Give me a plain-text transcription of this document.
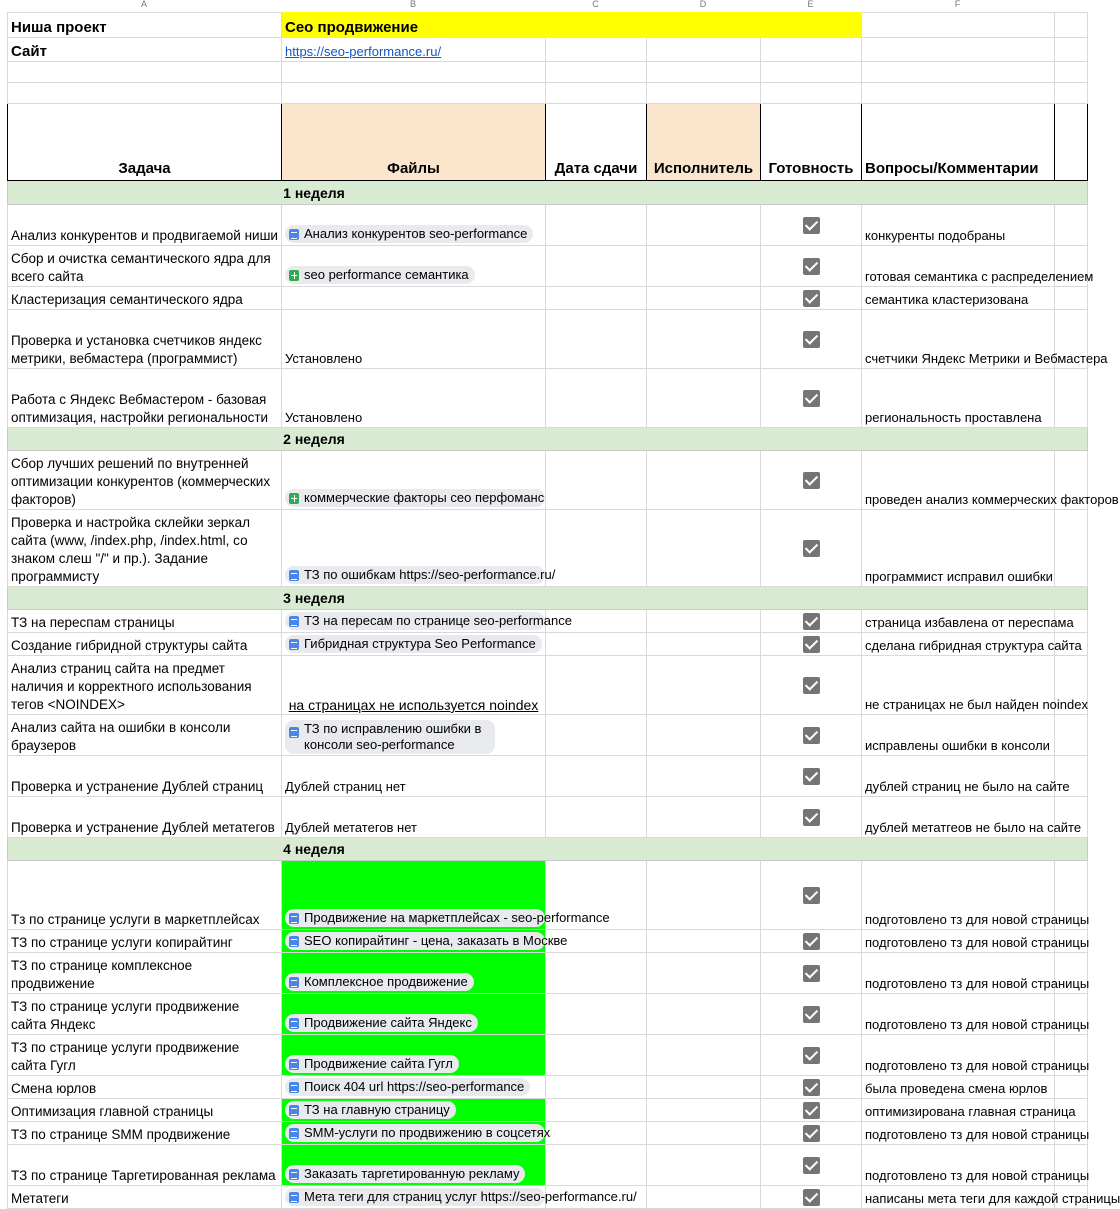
A	B	C	D	E	F
Ниша проект	Сео продвижение					
Сайт	https://seo-performance.ru/					

Задача	Файлы	Дата сдачи	Исполнитель	Готовность	Вопросы/Комментарии	
1 неделя						
Анализ конкурентов и продвигаемой ниши	Анализ конкурентов seo-performance				конкуренты подобраны	
Сбор и очистка семантического ядра для всего сайта	seo performance семантика				готовая семантика с распределением	
Кластеризация семантического ядра					семантика кластеризована	
Проверка и установка счетчиков яндекс метрики, вебмастера (программист)	Установлено				счетчики Яндекс Метрики и Вебмастера	
Работа с Яндекс Вебмастером - базовая оптимизация, настройки региональности	Установлено				региональность проставлена	
2 неделя						
Сбор лучших решений по внутренней оптимизации конкурентов (коммерческих факторов)	коммерческие факторы сео перфоманс				проведен анализ коммерческих факторов	
Проверка и настройка склейки зеркал сайта (www, /index.php, /index.html, со знаком слеш "/" и пр.). Задание программисту	ТЗ по ошибкам https://seo-performance.ru/				программист исправил ошибки	
3 неделя						
ТЗ на переспам страницы	ТЗ на пересам по странице seo-performance				страница избавлена от переспама	
Создание гибридной структуры сайта	Гибридная структура Seo Performance				сделана гибридная структура сайта	
Анализ страниц сайта на предмет наличия и корректного использования тегов <NOINDEX>	на страницах не используется noindex				не страницах не был найден noindex	
Анализ сайта на ошибки в консоли браузеров	ТЗ по исправлению ошибки в консоли seo-performance				исправлены ошибки в консоли	
Проверка и устранение Дублей страниц	Дублей страниц нет				дублей страниц не было на сайте	
Проверка и устранение Дублей метатегов	Дублей метатегов нет				дублей метатгеов не было на сайте	
4 неделя						
Тз по странице услуги в маркетплейсах	Продвижение на маркетплейсах - seo-performance				подготовлено тз для новой страницы	
ТЗ по странице услуги копирайтинг	SEO копирайтинг - цена, заказать в Москве				подготовлено тз для новой страницы	
ТЗ по странице комплексное продвижение	Комплексное продвижение				подготовлено тз для новой страницы	
ТЗ по странице услуги продвижение сайта Яндекс	Продвижение сайта Яндекс				подготовлено тз для новой страницы	
ТЗ по странице услуги продвижение сайта Гугл	Продвижение сайта Гугл				подготовлено тз для новой страницы	
Смена юрлов	Поиск 404 url https://seo-performance				была проведена смена юрлов	
Оптимизация главной страницы	ТЗ на главную страницу				оптимизирована главная страница	
ТЗ по странице SMM продвижение	SMM-услуги по продвижению в соцсетях				подготовлено тз для новой страницы	
ТЗ по странице Таргетированная реклама	Заказать таргетированную рекламу				подготовлено тз для новой страницы	
Метатеги	Мета теги для страниц услуг https://seo-performance.ru/				написаны мета теги для каждой страницы	
